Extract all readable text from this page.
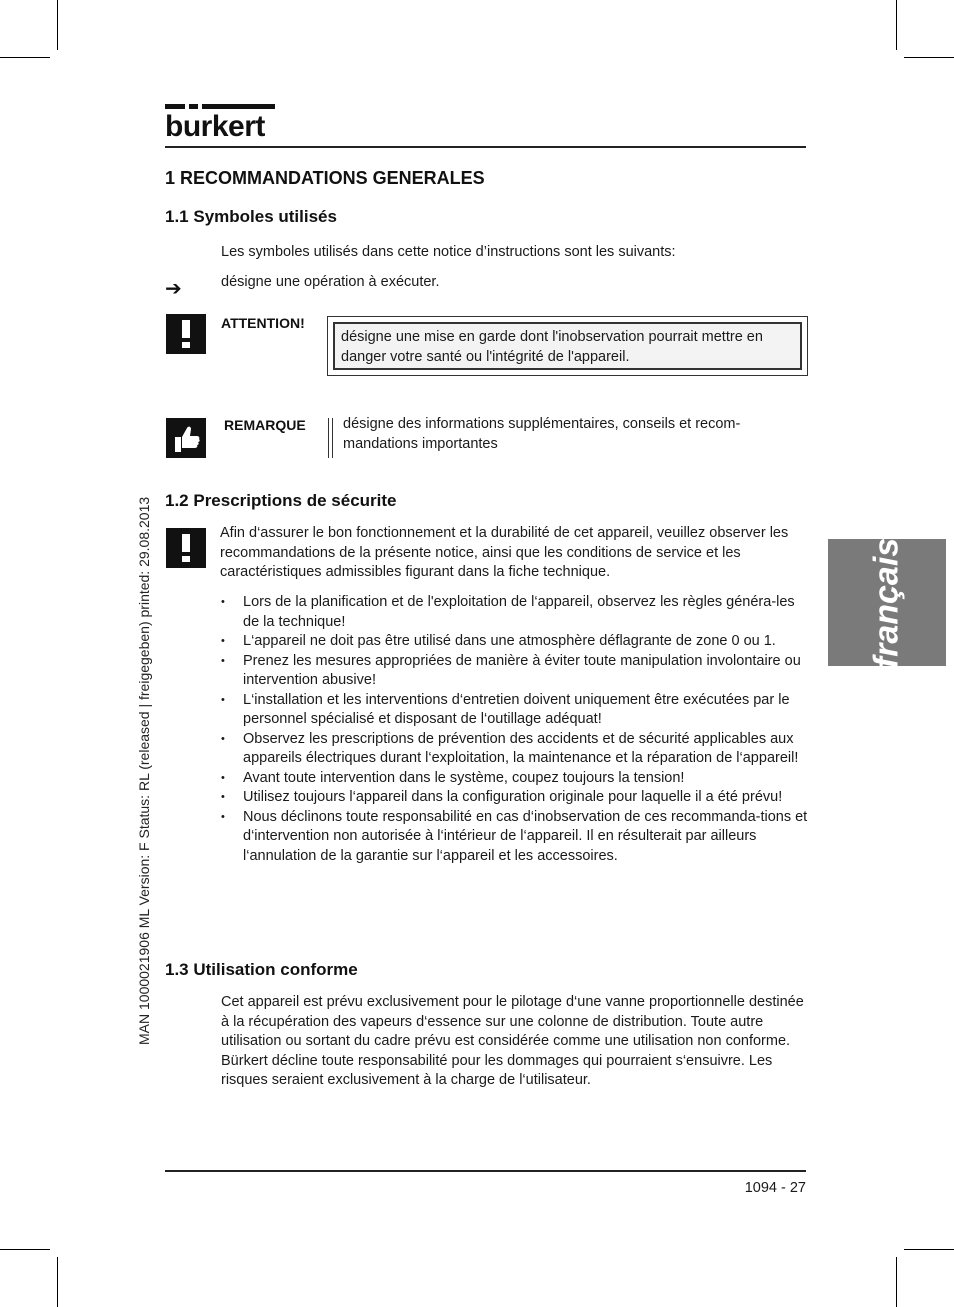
burkert
MAN 1000021906 ML Version: F Status: RL (released | freigegeben) printed: 29.08.2013	français
1 RECOMMANDATIONS GENERALES
1.1 Symboles utilisés
Les symboles utilisés dans cette notice d’instructions sont les suivants:
➔	désigne une opération à exécuter.
ATTENTION!
désigne une mise en garde dont l'inobservation pourrait mettre en danger votre santé ou l'intégrité de l'appareil.
REMARQUE	désigne des informations supplémentaires, conseils et recom-mandations importantes
1.2 Prescriptions de sécurite
Afin d‘assurer le bon fonctionnement et la durabilité de cet appareil, veuillez observer les recommandations de la présente notice, ainsi que les conditions de service et les caractéristiques admissibles figurant dans la fiche technique.
• Lors de la planification et de l'exploitation de l‘appareil, observez les règles généra-les de la technique!
• L‘appareil ne doit pas être utilisé dans une atmosphère déflagrante de zone 0 ou 1.
• Prenez les mesures appropriées de manière à éviter toute manipulation involontaire ou intervention abusive!
• L‘installation et les interventions d‘entretien doivent uniquement être exécutées par le personnel spécialisé et disposant de l‘outillage adéquat!
• Observez les prescriptions de prévention des accidents et de sécurité applicables aux appareils électriques durant l‘exploitation, la maintenance et la réparation de l‘appareil!
• Avant toute intervention dans le système, coupez toujours la tension!
• Utilisez toujours l‘appareil dans la configuration originale pour laquelle il a été prévu!
• Nous déclinons toute responsabilité en cas d‘inobservation de ces recommanda-tions et d‘intervention non autorisée à l‘intérieur de l‘appareil. Il en résulterait par ailleurs l‘annulation de la garantie sur l‘appareil et les accessoires.
1.3 Utilisation conforme
Cet appareil est prévu exclusivement pour le pilotage d‘une vanne proportionnelle destinée à la récupération des vapeurs d‘essence sur une colonne de distribution. Toute autre utilisation ou sortant du cadre prévu est considérée comme une utilisation non conforme. Bürkert décline toute responsabilité pour les dommages qui pourraient s‘ensuivre. Les risques seraient exclusivement à la charge de l‘utilisateur.
1094 - 27
